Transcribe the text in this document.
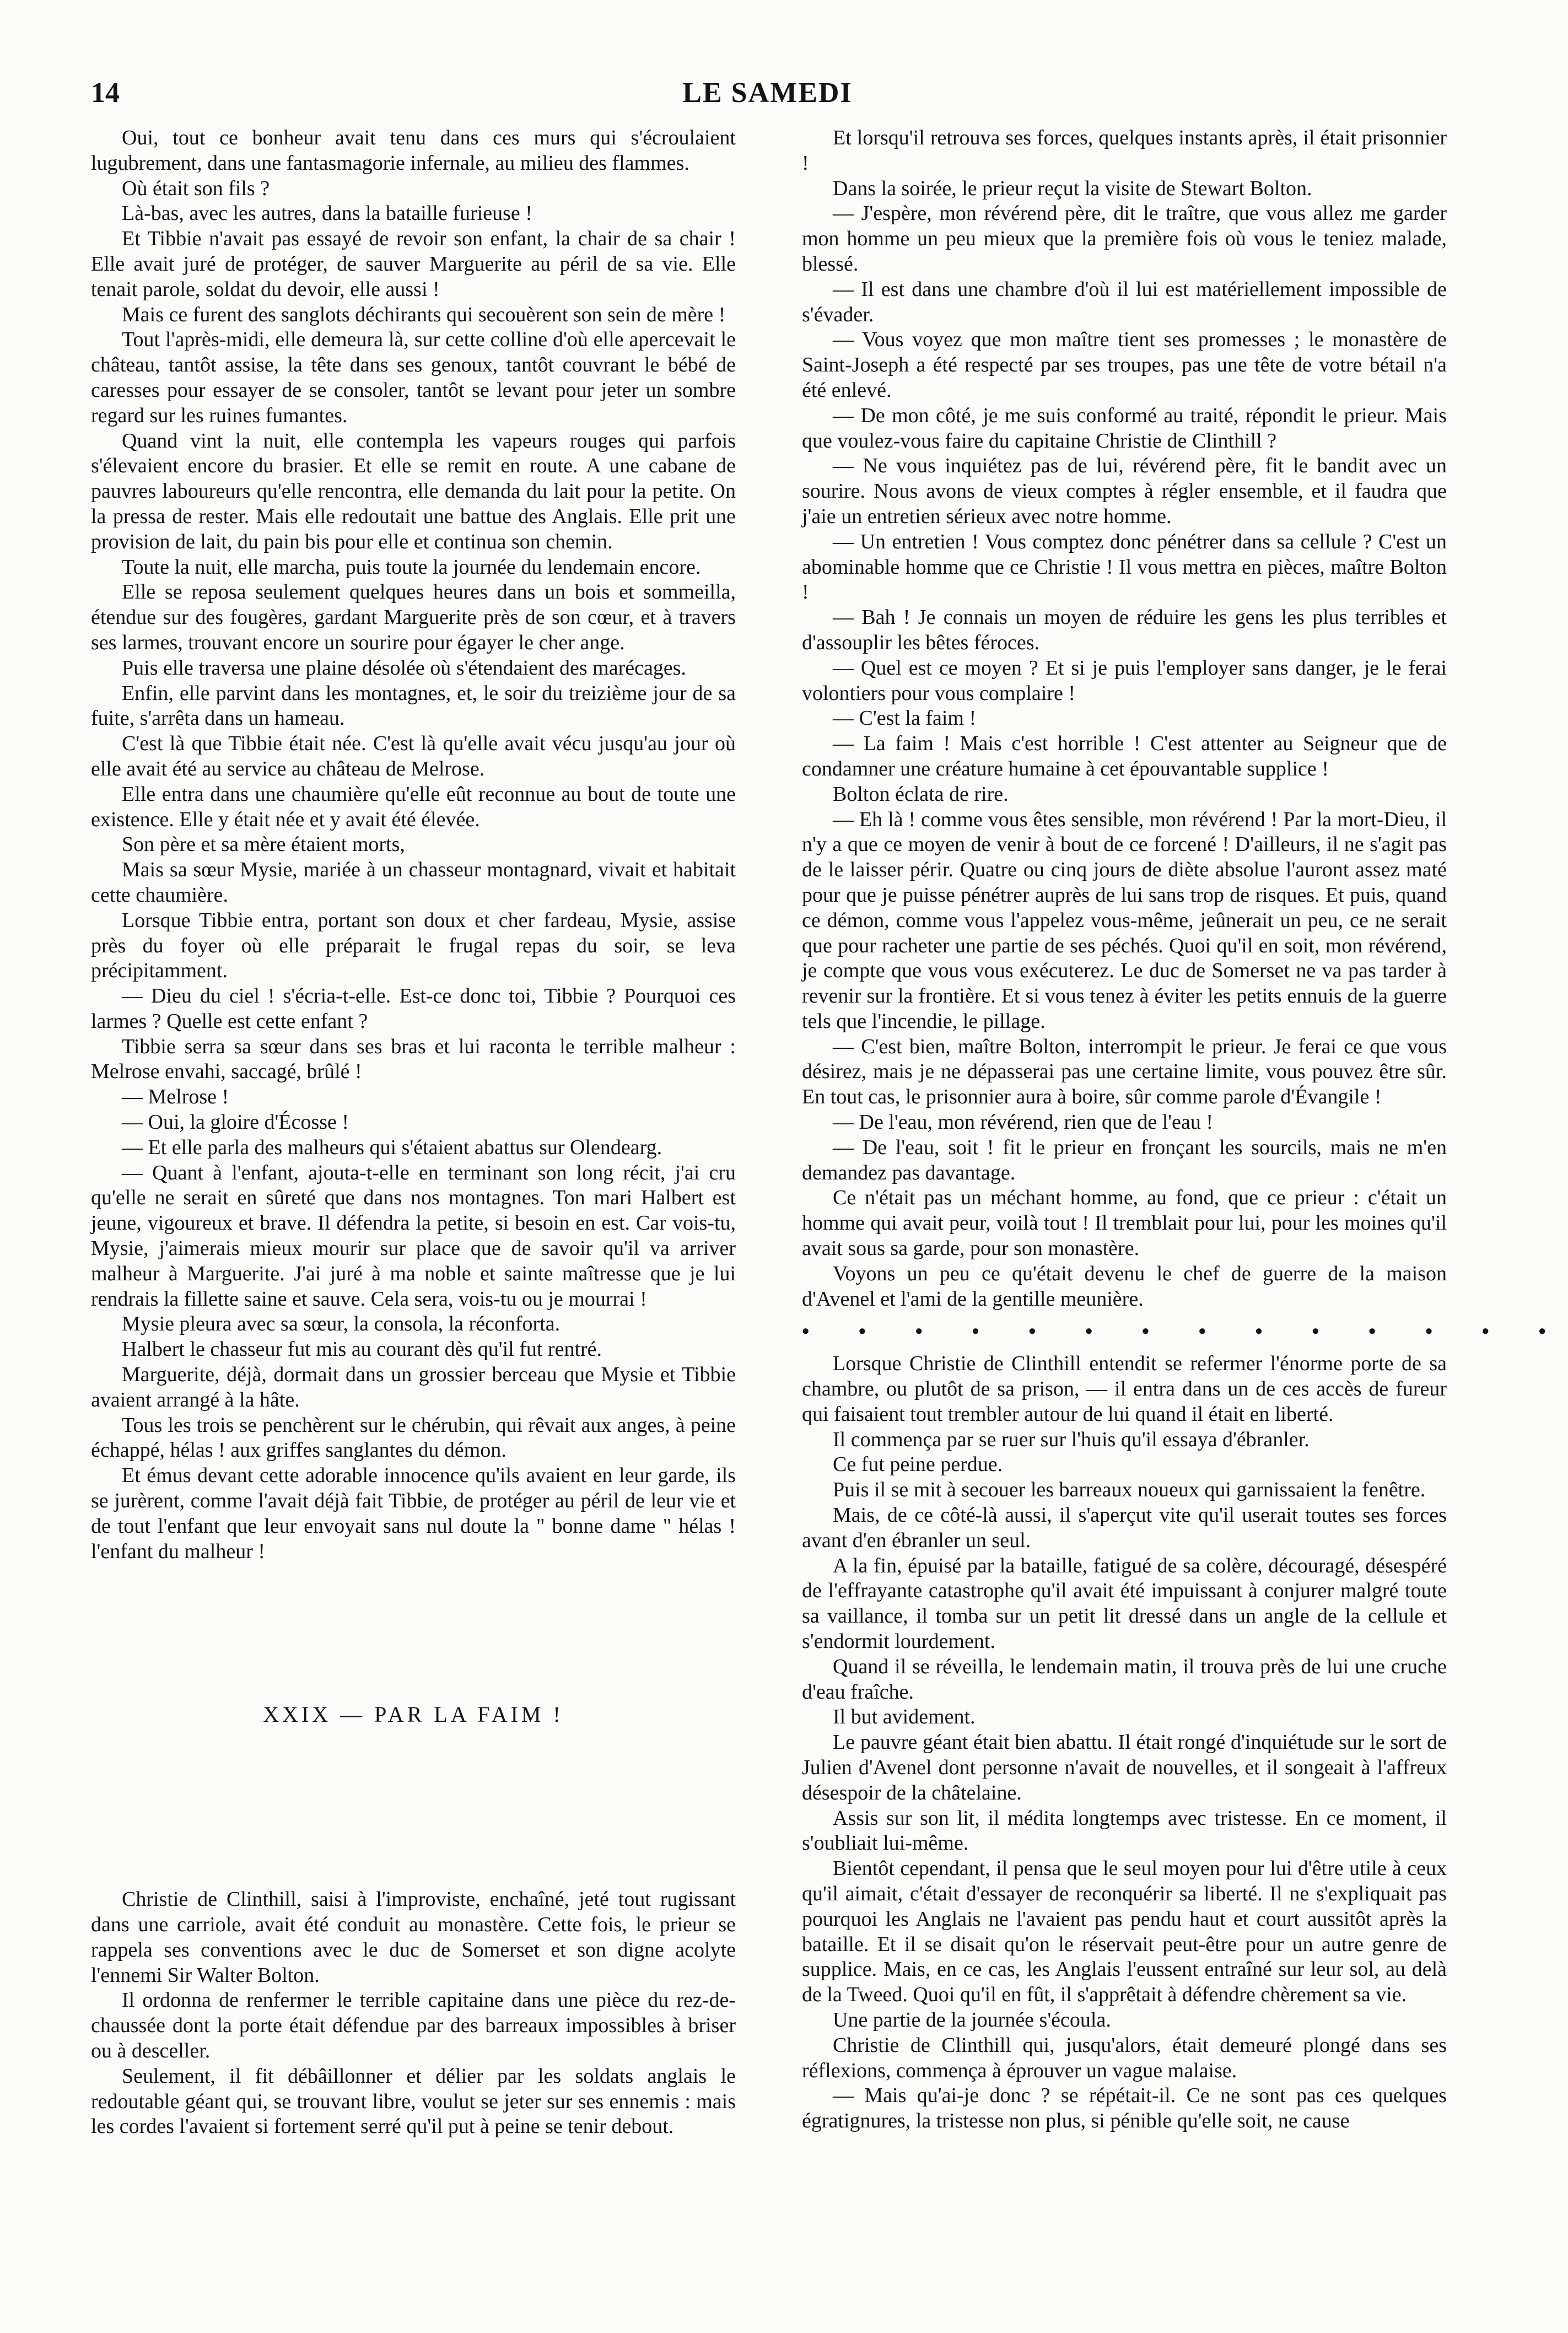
14	LE SAMEDI

Oui, tout ce bonheur avait tenu dans ces murs qui s'écroulaient lugubrement, dans une fantasmagorie infernale, au milieu des flammes.

Où était son fils ?

Là-bas, avec les autres, dans la bataille furieuse !

Et Tibbie n'avait pas essayé de revoir son enfant, la chair de sa chair ! Elle avait juré de protéger, de sauver Marguerite au péril de sa vie. Elle tenait parole, soldat du devoir, elle aussi !

Mais ce furent des sanglots déchirants qui secouèrent son sein de mère !

Tout l'après-midi, elle demeura là, sur cette colline d'où elle apercevait le château, tantôt assise, la tête dans ses genoux, tantôt couvrant le bébé de caresses pour essayer de se consoler, tantôt se levant pour jeter un sombre regard sur les ruines fumantes.

Quand vint la nuit, elle contempla les vapeurs rouges qui parfois s'élevaient encore du brasier. Et elle se remit en route. A une cabane de pauvres laboureurs qu'elle rencontra, elle demanda du lait pour la petite. On la pressa de rester. Mais elle redoutait une battue des Anglais. Elle prit une provision de lait, du pain bis pour elle et continua son chemin.

Toute la nuit, elle marcha, puis toute la journée du lendemain encore.

Elle se reposa seulement quelques heures dans un bois et sommeilla, étendue sur des fougères, gardant Marguerite près de son cœur, et à travers ses larmes, trouvant encore un sourire pour égayer le cher ange.

Puis elle traversa une plaine désolée où s'étendaient des marécages.

Enfin, elle parvint dans les montagnes, et, le soir du treizième jour de sa fuite, s'arrêta dans un hameau.

C'est là que Tibbie était née. C'est là qu'elle avait vécu jusqu'au jour où elle avait été au service au château de Melrose.

Elle entra dans une chaumière qu'elle eût reconnue au bout de toute une existence. Elle y était née et y avait été élevée.

Son père et sa mère étaient morts,

Mais sa sœur Mysie, mariée à un chasseur montagnard, vivait et habitait cette chaumière.

Lorsque Tibbie entra, portant son doux et cher fardeau, Mysie, assise près du foyer où elle préparait le frugal repas du soir, se leva précipitamment.

— Dieu du ciel ! s'écria-t-elle. Est-ce donc toi, Tibbie ? Pourquoi ces larmes ? Quelle est cette enfant ?

Tibbie serra sa sœur dans ses bras et lui raconta le terrible malheur : Melrose envahi, saccagé, brûlé !

— Melrose !

— Oui, la gloire d'Écosse !

— Et elle parla des malheurs qui s'étaient abattus sur Olendearg.

— Quant à l'enfant, ajouta-t-elle en terminant son long récit, j'ai cru qu'elle ne serait en sûreté que dans nos montagnes. Ton mari Halbert est jeune, vigoureux et brave. Il défendra la petite, si besoin en est. Car vois-tu, Mysie, j'aimerais mieux mourir sur place que de savoir qu'il va arriver malheur à Marguerite. J'ai juré à ma noble et sainte maîtresse que je lui rendrais la fillette saine et sauve. Cela sera, vois-tu ou je mourrai !

Mysie pleura avec sa sœur, la consola, la réconforta.

Halbert le chasseur fut mis au courant dès qu'il fut rentré.

Marguerite, déjà, dormait dans un grossier berceau que Mysie et Tibbie avaient arrangé à la hâte.

Tous les trois se penchèrent sur le chérubin, qui rêvait aux anges, à peine échappé, hélas ! aux griffes sanglantes du démon.

Et émus devant cette adorable innocence qu'ils avaient en leur garde, ils se jurèrent, comme l'avait déjà fait Tibbie, de protéger au péril de leur vie et de tout l'enfant que leur envoyait sans nul doute la " bonne dame " hélas ! l'enfant du malheur !

XXIX — PAR LA FAIM !

Christie de Clinthill, saisi à l'improviste, enchaîné, jeté tout rugissant dans une carriole, avait été conduit au monastère. Cette fois, le prieur se rappela ses conventions avec le duc de Somerset et son digne acolyte l'ennemi Sir Walter Bolton.

Il ordonna de renfermer le terrible capitaine dans une pièce du rez-de-chaussée dont la porte était défendue par des barreaux impossibles à briser ou à desceller.

Seulement, il fit débâillonner et délier par les soldats anglais le redoutable géant qui, se trouvant libre, voulut se jeter sur ses ennemis : mais les cordes l'avaient si fortement serré qu'il put à peine se tenir debout.

Et lorsqu'il retrouva ses forces, quelques instants après, il était prisonnier !

Dans la soirée, le prieur reçut la visite de Stewart Bolton.

— J'espère, mon révérend père, dit le traître, que vous allez me garder mon homme un peu mieux que la première fois où vous le teniez malade, blessé.

— Il est dans une chambre d'où il lui est matériellement impossible de s'évader.

— Vous voyez que mon maître tient ses promesses ; le monastère de Saint-Joseph a été respecté par ses troupes, pas une tête de votre bétail n'a été enlevé.

— De mon côté, je me suis conformé au traité, répondit le prieur. Mais que voulez-vous faire du capitaine Christie de Clinthill ?

— Ne vous inquiétez pas de lui, révérend père, fit le bandit avec un sourire. Nous avons de vieux comptes à régler ensemble, et il faudra que j'aie un entretien sérieux avec notre homme.

— Un entretien ! Vous comptez donc pénétrer dans sa cellule ? C'est un abominable homme que ce Christie ! Il vous mettra en pièces, maître Bolton !

— Bah ! Je connais un moyen de réduire les gens les plus terribles et d'assouplir les bêtes féroces.

— Quel est ce moyen ? Et si je puis l'employer sans danger, je le ferai volontiers pour vous complaire !

— C'est la faim !

— La faim ! Mais c'est horrible ! C'est attenter au Seigneur que de condamner une créature humaine à cet épouvantable supplice !

Bolton éclata de rire.

— Eh là ! comme vous êtes sensible, mon révérend ! Par la mort-Dieu, il n'y a que ce moyen de venir à bout de ce forcené ! D'ailleurs, il ne s'agit pas de le laisser périr. Quatre ou cinq jours de diète absolue l'auront assez maté pour que je puisse pénétrer auprès de lui sans trop de risques. Et puis, quand ce démon, comme vous l'appelez vous-même, jeûnerait un peu, ce ne serait que pour racheter une partie de ses péchés. Quoi qu'il en soit, mon révérend, je compte que vous vous exécuterez. Le duc de Somerset ne va pas tarder à revenir sur la frontière. Et si vous tenez à éviter les petits ennuis de la guerre tels que l'incendie, le pillage.

— C'est bien, maître Bolton, interrompit le prieur. Je ferai ce que vous désirez, mais je ne dépasserai pas une certaine limite, vous pouvez être sûr. En tout cas, le prisonnier aura à boire, sûr comme parole d'Évangile !

— De l'eau, mon révérend, rien que de l'eau !

— De l'eau, soit ! fit le prieur en fronçant les sourcils, mais ne m'en demandez pas davantage.

Ce n'était pas un méchant homme, au fond, que ce prieur : c'était un homme qui avait peur, voilà tout ! Il tremblait pour lui, pour les moines qu'il avait sous sa garde, pour son monastère.

Voyons un peu ce qu'était devenu le chef de guerre de la maison d'Avenel et l'ami de la gentille meunière.

• • • • • • • • • • • • • •

Lorsque Christie de Clinthill entendit se refermer l'énorme porte de sa chambre, ou plutôt de sa prison, — il entra dans un de ces accès de fureur qui faisaient tout trembler autour de lui quand il était en liberté.

Il commença par se ruer sur l'huis qu'il essaya d'ébranler.

Ce fut peine perdue.

Puis il se mit à secouer les barreaux noueux qui garnissaient la fenêtre.

Mais, de ce côté-là aussi, il s'aperçut vite qu'il userait toutes ses forces avant d'en ébranler un seul.

A la fin, épuisé par la bataille, fatigué de sa colère, découragé, désespéré de l'effrayante catastrophe qu'il avait été impuissant à conjurer malgré toute sa vaillance, il tomba sur un petit lit dressé dans un angle de la cellule et s'endormit lourdement.

Quand il se réveilla, le lendemain matin, il trouva près de lui une cruche d'eau fraîche.

Il but avidement.

Le pauvre géant était bien abattu. Il était rongé d'inquiétude sur le sort de Julien d'Avenel dont personne n'avait de nouvelles, et il songeait à l'affreux désespoir de la châtelaine.

Assis sur son lit, il médita longtemps avec tristesse. En ce moment, il s'oubliait lui-même.

Bientôt cependant, il pensa que le seul moyen pour lui d'être utile à ceux qu'il aimait, c'était d'essayer de reconquérir sa liberté. Il ne s'expliquait pas pourquoi les Anglais ne l'avaient pas pendu haut et court aussitôt après la bataille. Et il se disait qu'on le réservait peut-être pour un autre genre de supplice. Mais, en ce cas, les Anglais l'eussent entraîné sur leur sol, au delà de la Tweed. Quoi qu'il en fût, il s'apprêtait à défendre chèrement sa vie.

Une partie de la journée s'écoula.

Christie de Clinthill qui, jusqu'alors, était demeuré plongé dans ses réflexions, commença à éprouver un vague malaise.

— Mais qu'ai-je donc ? se répétait-il. Ce ne sont pas ces quelques égratignures, la tristesse non plus, si pénible qu'elle soit, ne cause
